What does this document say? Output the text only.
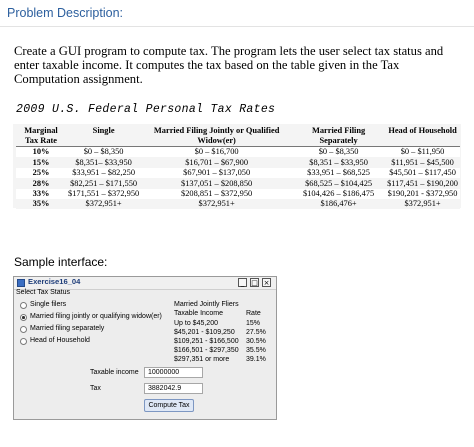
Problem Description:
Create a GUI program to compute tax. The program lets the user select tax status and enter taxable income. It computes the tax based on the table given in the Tax Computation assignment.
2009 U.S. Federal Personal Tax Rates
Marginal Tax Rate	Single	Married Filing Jointly or Qualified Widow(er)	Married Filing Separately	Head of Household
10%	$0 – $8,350	$0 – $16,700	$0 – $8,350	$0 – $11,950
15%	$8,351– $33,950	$16,701 – $67,900	$8,351 – $33,950	$11,951 – $45,500
25%	$33,951 – $82,250	$67,901 – $137,050	$33,951 – $68,525	$45,501 – $117,450
28%	$82,251 – $171,550	$137,051 – $208,850	$68,525 – $104,425	$117,451 – $190,200
33%	$171,551 – $372,950	$208,851 – $372,950	$104,426 – $186,475	$190,201 - $372,950
35%	$372,951+	$372,951+	$186,476+	$372,951+
Sample interface:
Exercise16_04	_ □ ×
Select Tax Status
Single filers
Married filing jointly or qualifying widow(er)
Married filing separately
Head of Household
Married Jointly Fliers
Taxable Income	Rate
Up to $45,200	15%
$45,201 - $109,250 27.5%
$109,251 - $166,500 30.5%
$166,501 - $297,350 35.5%
$297,351 or more 39.1%
Taxable income	10000000
Tax	3882042.9
Compute Tax
